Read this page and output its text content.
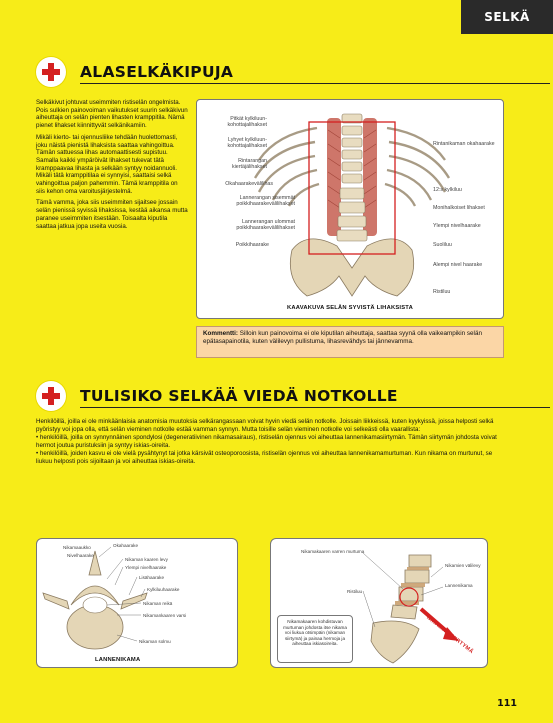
SELKÄ
ALASELKÄKIPUJA

Selkäkivut johtuvat useimmiten ristiselän ongelmista. Pois sulkien painovoiman vaikutukset suurin selkäkivun aiheuttaja on selän pienten lihasten kramppitila. Nämä pienet lihakset kiinnittyvät selkänikamiin.

Mikäli kierto- tai ojennusliike tehdään huolettomasti, joku näistä pienistä lihaksista saattaa vahingoittua. Tämän sattuessa lihas automaattisesti supistuu. Samalla kaikki ympäröivät lihakset tukevat tätä kramppaavaa lihasta ja selkään syntyy noidannuoli. Mikäli tätä kramppitilaa ei synnyisi, saattaisi selkä vahingoittua paljon pahemmin. Tämä kramppitila on siis kehon oma varoitusjärjestelmä.

Tämä vamma, joka siis useimmiten sijaitsee jossain selän pienissä syvissä lihaksissa, kestää aikansa mutta paranee useimmiten itsestään. Toisaalta kiputila saattaa jatkua jopa useita vuosia.

Pitkät kylkiluun-kohottajalihakset
Lyhyet kylkiluun-kohottajalihakset
Rintarangan kiertäjälihakset
Okahaarakevälilihas
Lannerangan sisemmät poikkihaarakevälilihakset
Lannerangan ulommat poikkihaarakevälilihakset
Poikkihaarake
Rintanikaman okahaarake
12:s kylkiluu
Monihalkoiset lihakset
Ylempi nivelhaarake
Suoliluu
Alempi nivel haarake
Ristiluu
KAAVAKUVA SELÄN SYVISTÄ LIHAKSISTA
Kommentti: Silloin kun painovoima ei ole kiputilan aiheuttaja, saattaa syynä olla vaikeampikin selän epätasapainotila, kuten välilevyn pullistuma, lihasrevähdys tai jännevamma.
TULISIKO SELKÄÄ VIEDÄ NOTKOLLE

Henkilöillä, joilla ei ole minkäänlaisia anatomisia muutoksia selkärangassaan voivat hyvin viedä selän notkolle. Joissain liikkeissä, kuten kyykyissä, joissa helposti selkä pyöristyy voi jopa olla, että selän vieminen notkolle estää vamman synnyn. Mutta toisille selän vieminen notkolle voi selkeästi olla vaarallista:

• henkilöillä, joilla on synnynnäinen spondylosi (degeneratiivinen nikamasairaus), ristiselän ojennus voi aiheuttaa lannenikamasiirtymän. Tämän siirtymän johdosta voivat hermot joutua puristuksiin ja syntyy iskias-oireita.

• henkilöillä, joiden kasvu ei ole vielä pysähtynyt tai jotka kärsivät osteoporoosista, ristiselän ojennus voi aiheuttaa lannenikamamurtuman. Kun nikama on murtunut, se liukuu helposti pois sijoiltaan ja voi aiheuttaa iskias-oireita.

Nikamaaukko
Nivelhaarake
Okahaarake
Nikaman kaaren levy
Ylempi nivelhaarake
Lisähaarake
Kylkiluuhaarake
Nikaman reikä
Nikamankaaren varsi
Nikaman solmu
LANNENIKAMA
Nikamakaaren varren murtuma
Nikamien välilevy
Lannenikama
Ristiluu
NIKAMAN SIIRTYMÄ
Nikamakaaren kohdistuvan murtuman johdosta itse nikama voi liukua otsimpäin (nikaman siirtymä) ja painaa hermoja ja aiheuttaa iskiasoireita.
111
